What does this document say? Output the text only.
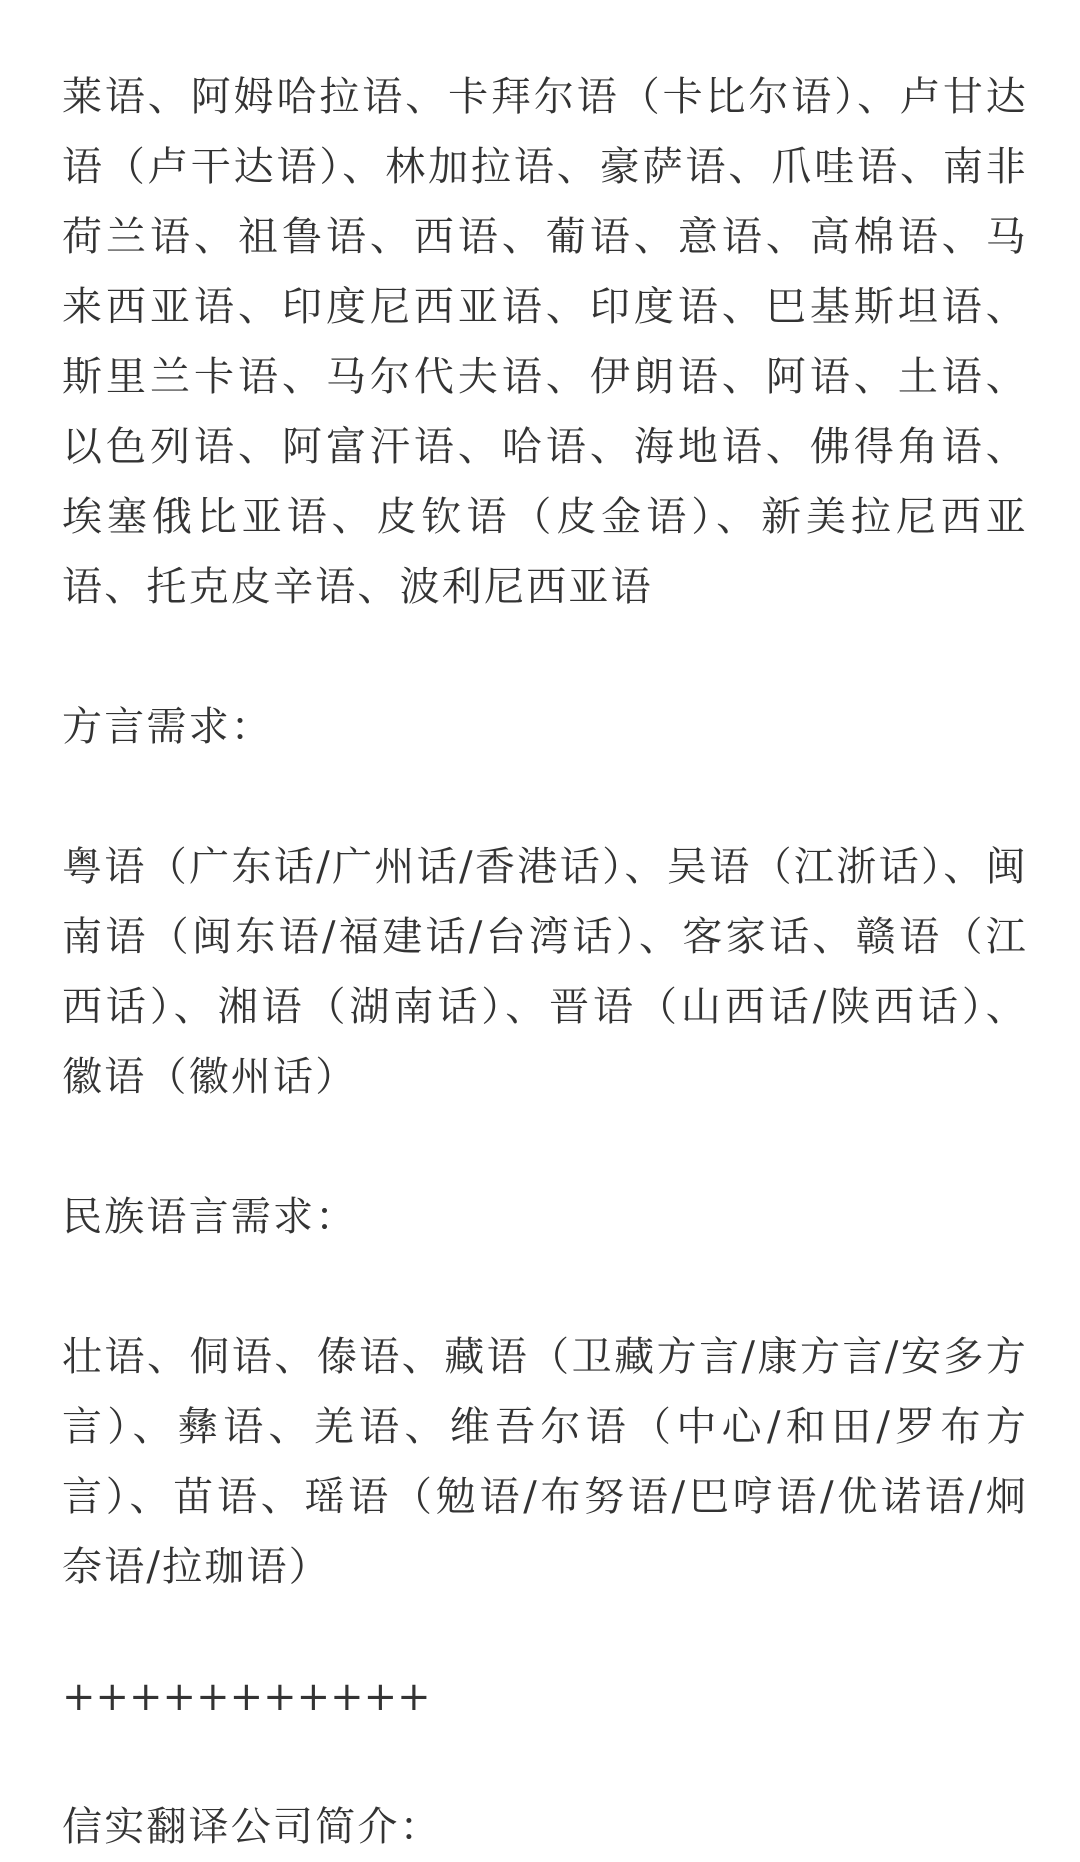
莱语、阿姆哈拉语、卡拜尔语（卡比尔语）、卢甘达语（卢干达语）、林加拉语、豪萨语、爪哇语、南非荷兰语、祖鲁语、西语、葡语、意语、高棉语、马来西亚语、印度尼西亚语、印度语、巴基斯坦语、斯里兰卡语、马尔代夫语、伊朗语、阿语、土语、以色列语、阿富汗语、哈语、海地语、佛得角语、埃塞俄比亚语、皮钦语（皮金语）、新美拉尼西亚语、托克皮辛语、波利尼西亚语

方言需求：

粤语（广东话/广州话/香港话）、吴语（江浙话）、闽南语（闽东语/福建话/台湾话）、客家话、赣语（江西话）、湘语（湖南话）、晋语（山西话/陕西话）、徽语（徽州话）

民族语言需求：

壮语、侗语、傣语、藏语（卫藏方言/康方言/安多方言）、彝语、羌语、维吾尔语（中心/和田/罗布方言）、苗语、瑶语（勉语/布努语/巴哼语/优诺语/炯奈语/拉珈语）

+++++++++++

信实翻译公司简介：
